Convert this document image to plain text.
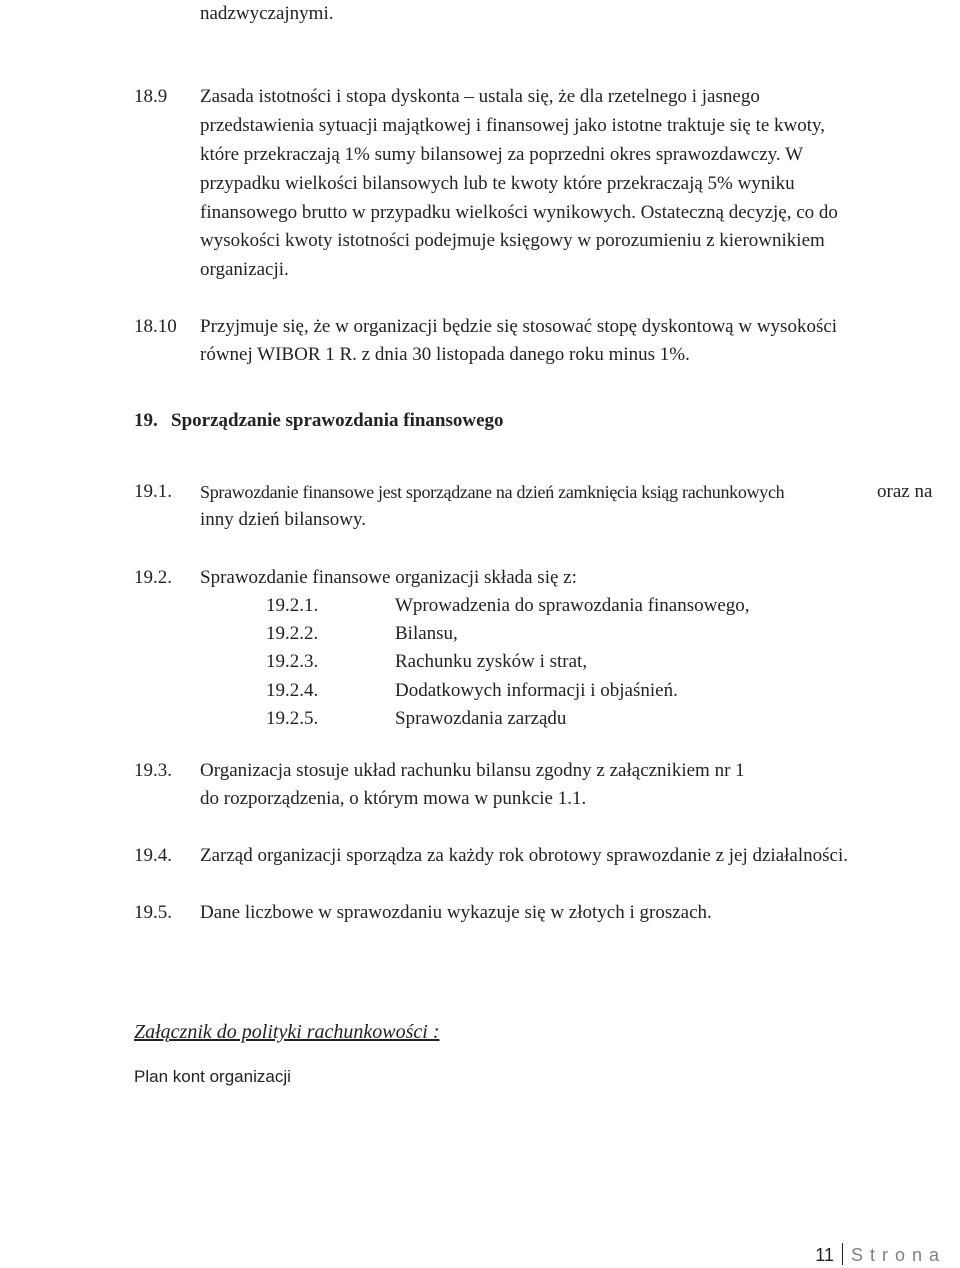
nadzwyczajnymi.
18.9 Zasada istotności i stopa dyskonta – ustala się, że dla rzetelnego i jasnego
przedstawienia sytuacji majątkowej i finansowej jako istotne traktuje się te kwoty,
które przekraczają 1% sumy bilansowej za poprzedni okres sprawozdawczy. W
przypadku wielkości bilansowych lub te kwoty które przekraczają 5% wyniku
finansowego brutto w przypadku wielkości wynikowych. Ostateczną decyzję, co do
wysokości kwoty istotności podejmuje księgowy w porozumieniu z kierownikiem
organizacji.
18.10 Przyjmuje się, że w organizacji będzie się stosować stopę dyskontową w wysokości
równej WIBOR 1 R. z dnia 30 listopada danego roku minus 1%.
19. Sporządzanie sprawozdania finansowego
19.1. Sprawozdanie finansowe jest sporządzane na dzień zamknięcia ksiąg rachunkowych	oraz na
inny dzień bilansowy.
19.2. Sprawozdanie finansowe organizacji składa się z:
19.2.1.	Wprowadzenia do sprawozdania finansowego,
19.2.2.	Bilansu,
19.2.3.	Rachunku zysków i strat,
19.2.4.	Dodatkowych informacji i objaśnień.
19.2.5.	Sprawozdania zarządu
19.3. Organizacja stosuje układ rachunku bilansu zgodny z załącznikiem nr 1
do rozporządzenia, o którym mowa w punkcie 1.1.
19.4. Zarząd organizacji sporządza za każdy rok obrotowy sprawozdanie z jej działalności.
19.5. Dane liczbowe w sprawozdaniu wykazuje się w złotych i groszach.
Załącznik do polityki rachunkowości :
Plan kont organizacji
11 Strona
